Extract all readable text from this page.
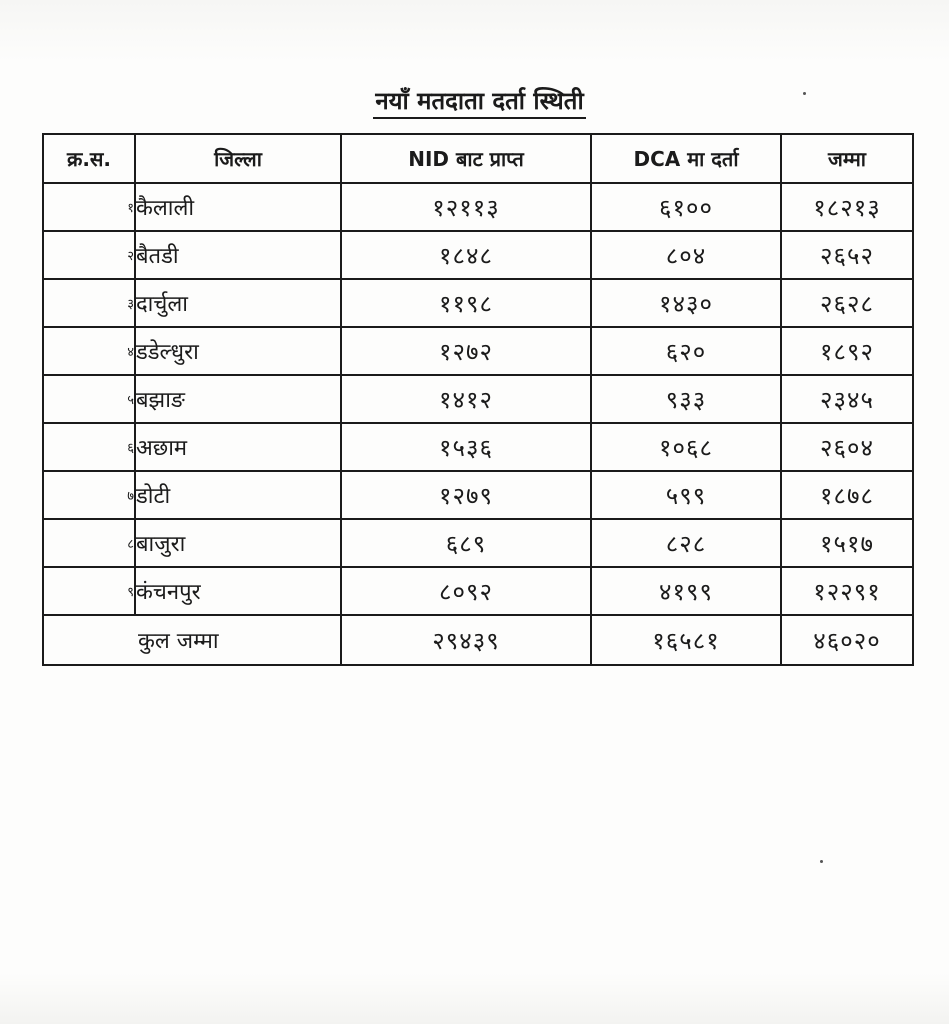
नयाँ मतदाता दर्ता स्थिती
क्र.स.	जिल्ला	NID बाट प्राप्त	DCA मा दर्ता	जम्मा
१	कैलाली	१२११३	६१००	१८२१३
२	बैतडी	१८४८	८०४	२६५२
३	दार्चुला	११९८	१४३०	२६२८
४	डडेल्धुरा	१२७२	६२०	१८९२
५	बझाङ	१४१२	९३३	२३४५
६	अछाम	१५३६	१०६८	२६०४
७	डोटी	१२७९	५९९	१८७८
८	बाजुरा	६८९	८२८	१५१७
९	कंचनपुर	८०९२	४१९९	१२२९१
कुल जम्मा		२९४३९	१६५८१	४६०२०
